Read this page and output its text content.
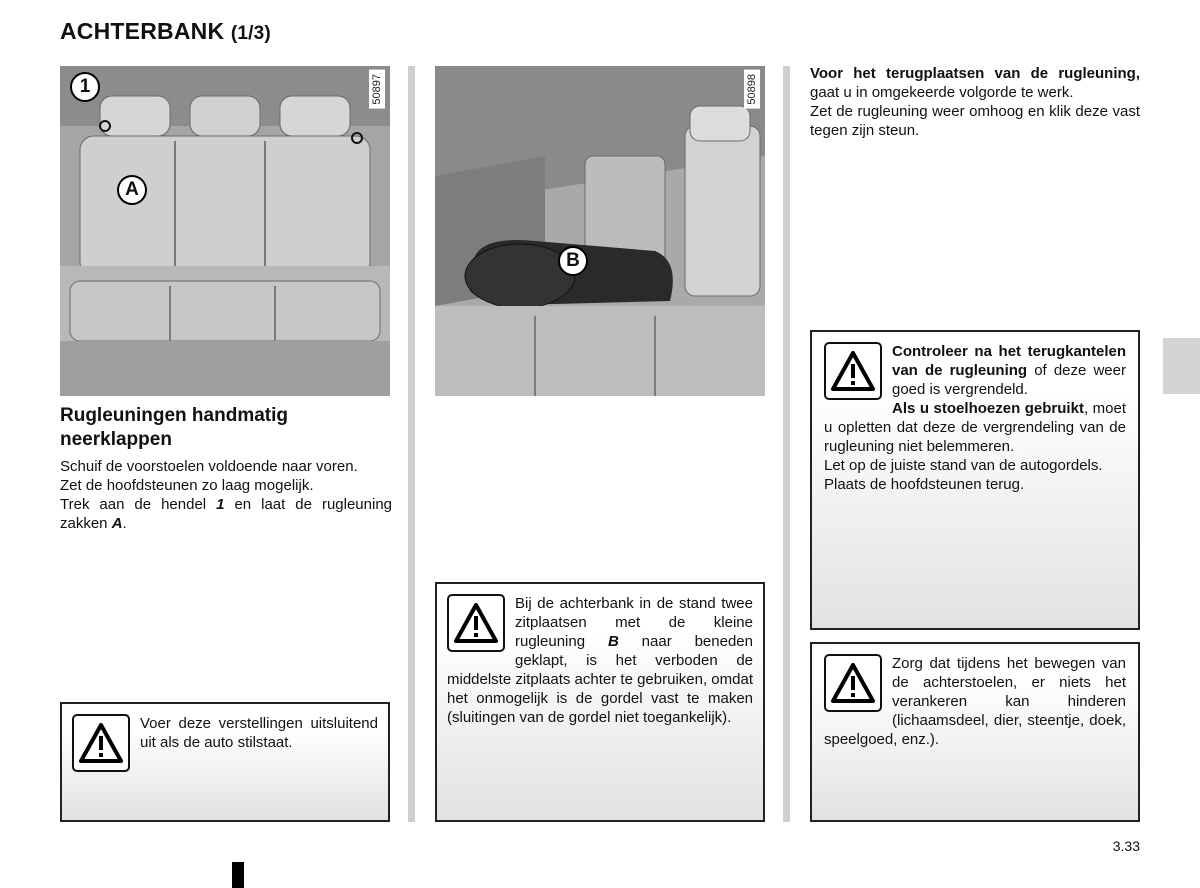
ACHTERBANK (1/3)
50897
1
A
50898
B
Rugleuningen handmatig neerklappen

Schuif de voorstoelen voldoende naar voren.

Zet de hoofdsteunen zo laag mogelijk.

Trek aan de hendel 1 en laat de rugleuning zakken A.

Voer deze verstellingen uitsluitend uit als de auto stilstaat.
Bij de achterbank in de stand twee zitplaatsen met de kleine rugleuning B naar beneden geklapt, is het verboden de middelste zitplaats achter te gebruiken, omdat het onmogelijk is de gordel vast te maken (sluitingen van de gordel niet toegankelijk).

Voor het terugplaatsen van de rugleuning, gaat u in omgekeerde volgorde te werk.

Zet de rugleuning weer omhoog en klik deze vast tegen zijn steun.

Controleer na het terugkantelen van de rugleuning of deze weer goed is vergrendeld.
Als u stoelhoezen gebruikt, moet u opletten dat deze de vergrendeling van de rugleuning niet belemmeren.
Let op de juiste stand van de autogordels.
Plaats de hoofdsteunen terug.
Zorg dat tijdens het bewegen van de achterstoelen, er niets het verankeren kan hinderen (lichaamsdeel, dier, steentje, doek, speelgoed, enz.).
3.33
